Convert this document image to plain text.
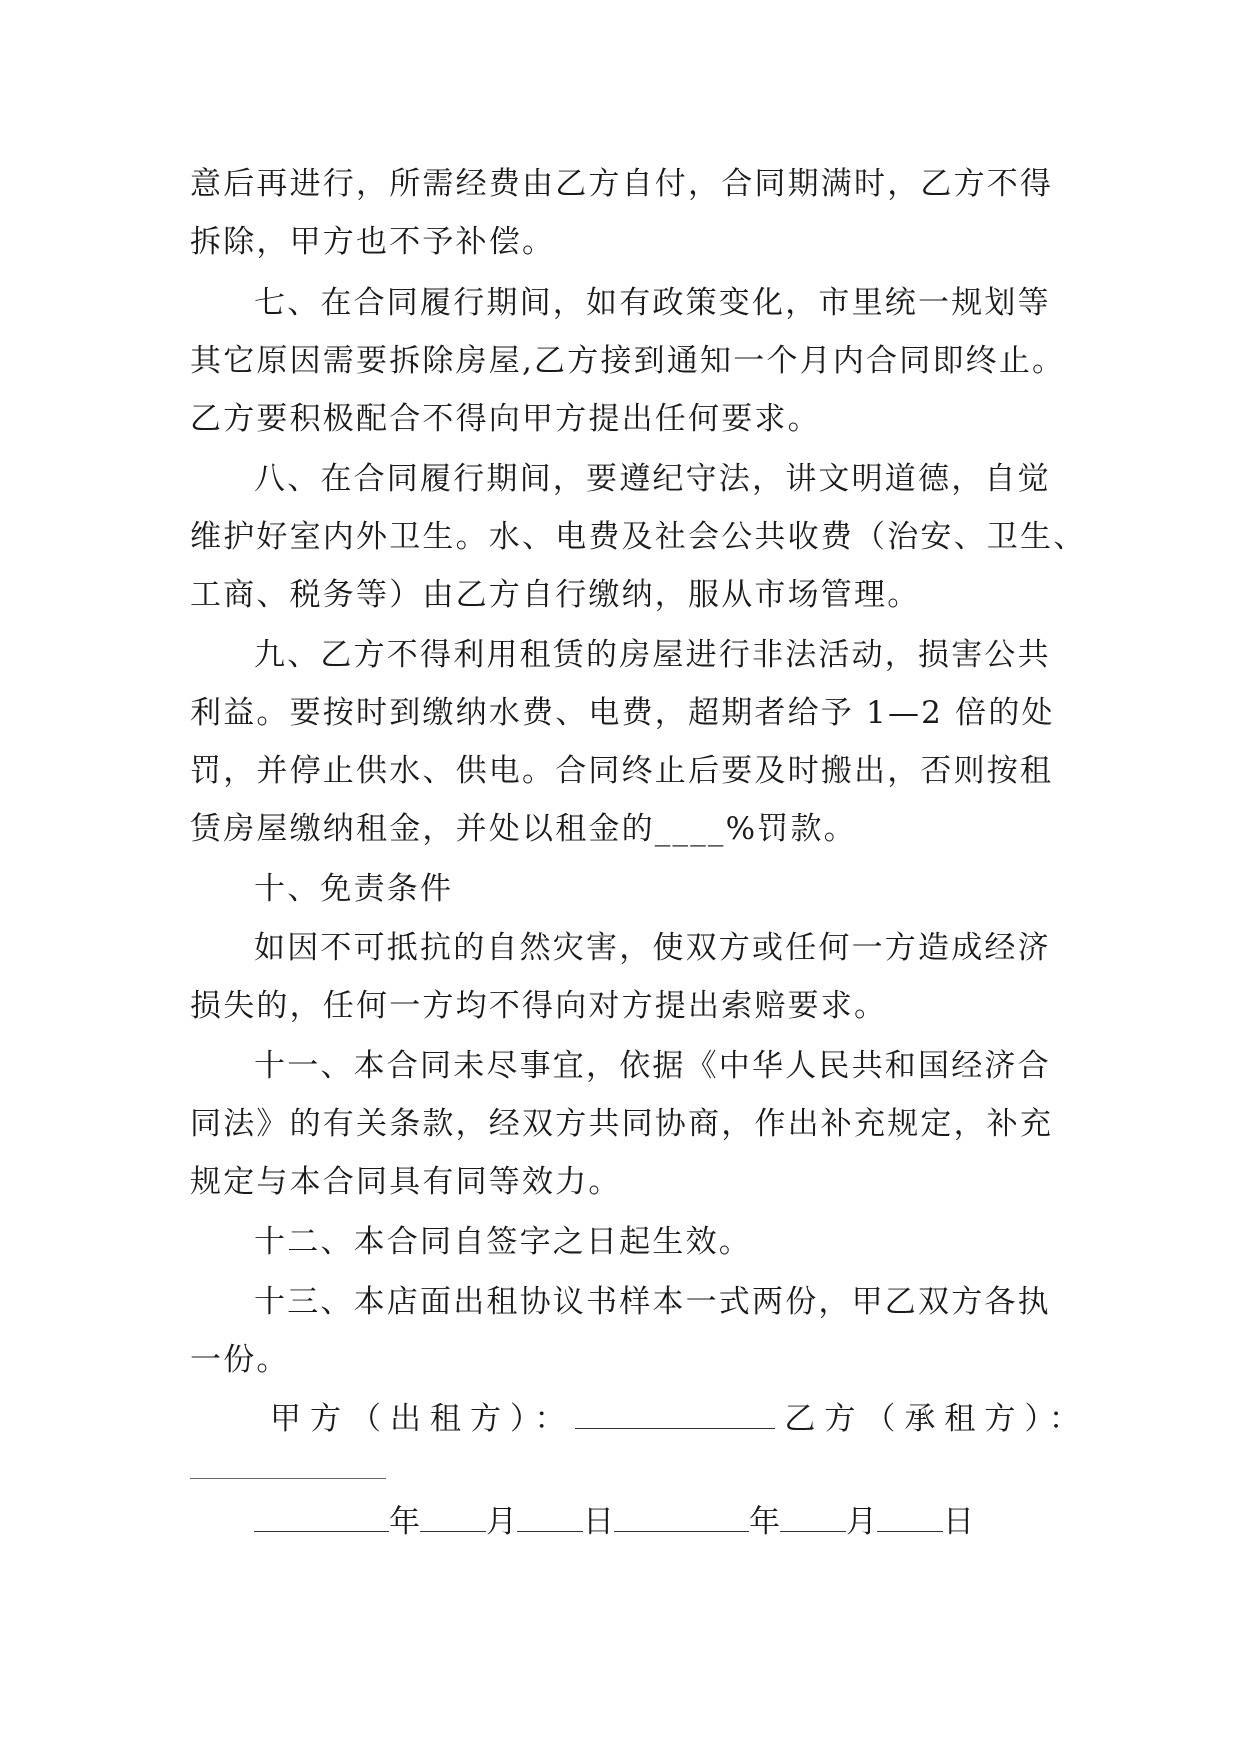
意后再进行，所需经费由乙方自付，合同期满时，乙方不得
拆除，甲方也不予补偿。
七、在合同履行期间，如有政策变化，市里统一规划等
其它原因需要拆除房屋,乙方接到通知一个月内合同即终止。
乙方要积极配合不得向甲方提出任何要求。
八、在合同履行期间，要遵纪守法，讲文明道德，自觉
维护好室内外卫生。水、电费及社会公共收费（治安、卫生、
工商、税务等）由乙方自行缴纳，服从市场管理。
九、乙方不得利用租赁的房屋进行非法活动，损害公共
利益。要按时到缴纳水费、电费，超期者给予 1—2 倍的处
罚，并停止供水、供电。合同终止后要及时搬出，否则按租
赁房屋缴纳租金，并处以租金的____%罚款。
十、免责条件
如因不可抵抗的自然灾害，使双方或任何一方造成经济
损失的，任何一方均不得向对方提出索赔要求。
十一、本合同未尽事宜，依据《中华人民共和国经济合
同法》的有关条款，经双方共同协商，作出补充规定，补充
规定与本合同具有同等效力。
十二、本合同自签字之日起生效。
十三、本店面出租协议书样本一式两份，甲乙双方各执
一份。
甲方（出租方）：	乙方（承租方）：
年 月 日	年 月 日
